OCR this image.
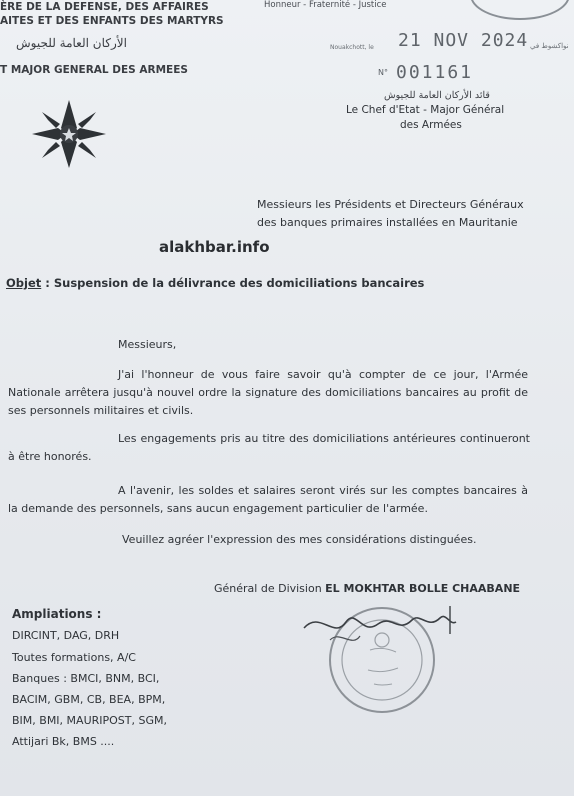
ÈRE DE LA DEFENSE, DES AFFAIRES
AITES ET DES ENFANTS DES MARTYRS
الأركان العامة للجيوش
T MAJOR GENERAL DES ARMEES
Honneur - Fraternité - Justice
Nouakchott, le 21 NOV 2024 نواكشوط في
N° 001161
قائد الأركان العامة للجيوش
Le Chef d'Etat - Major Général
des Armées
Messieurs les Présidents et Directeurs Généraux
des banques primaires installées en Mauritanie
alakhbar.info
Objet : Suspension de la délivrance des domiciliations bancaires
Messieurs,
J'ai l'honneur de vous faire savoir qu'à compter de ce jour, l'Armée Nationale arrêtera jusqu'à nouvel ordre la signature des domiciliations bancaires au profit de ses personnels militaires et civils.
Les engagements pris au titre des domiciliations antérieures continueront à être honorés.
A l'avenir, les soldes et salaires seront virés sur les comptes bancaires à la demande des personnels, sans aucun engagement particulier de l'armée.
Veuillez agréer l'expression des mes considérations distinguées.
Général de Division EL MOKHTAR BOLLE CHAABANE
Ampliations :
DIRCINT, DAG, DRH
Toutes formations, A/C
Banques : BMCI, BNM, BCI,
BACIM, GBM, CB, BEA, BPM,
BIM, BMI, MAURIPOST, SGM,
Attijari Bk, BMS ....
